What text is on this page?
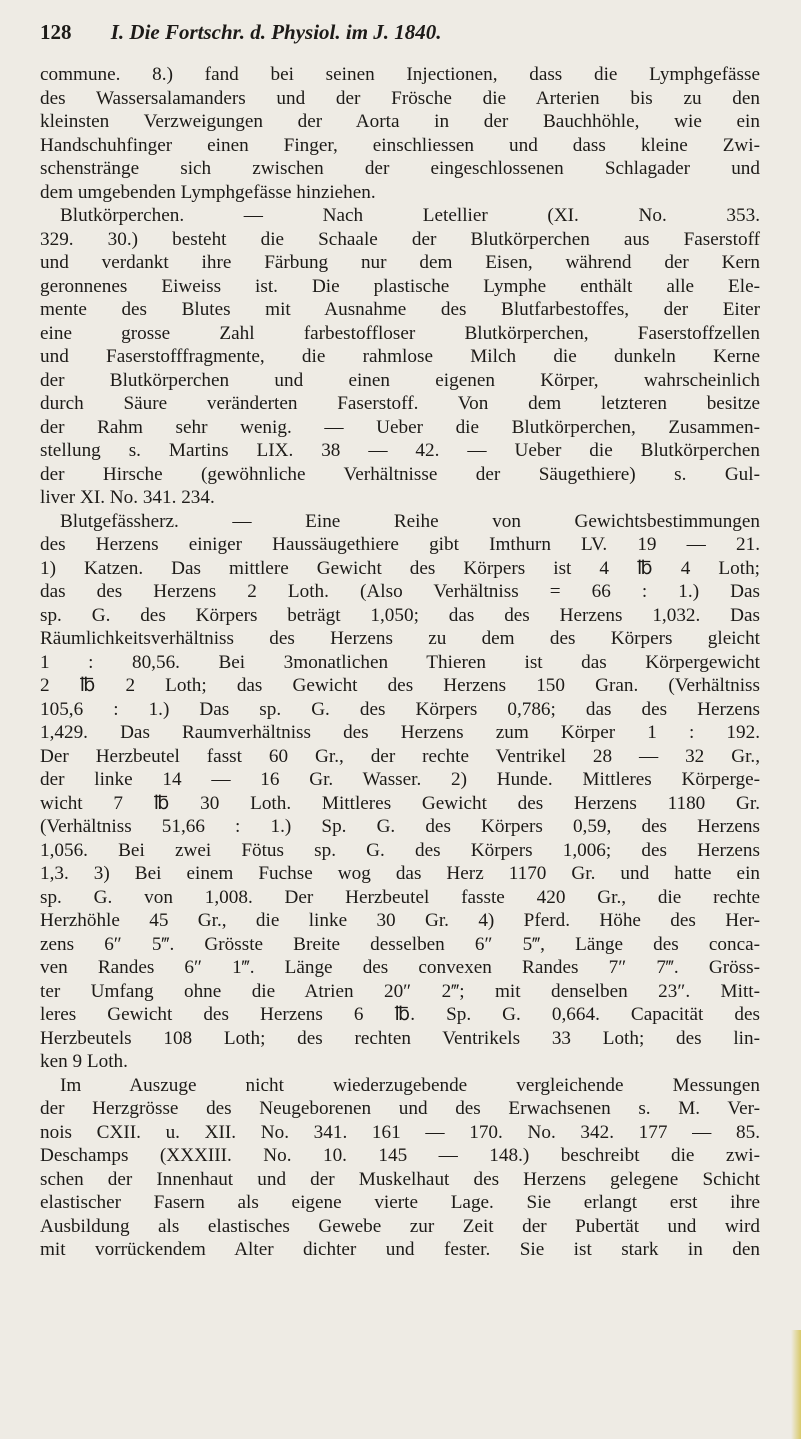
128 I. Die Fortschr. d. Physiol. im J. 1840.
commune. 8.) fand bei seinen Injectionen, dass die Lymphgefässe
des Wassersalamanders und der Frösche die Arterien bis zu den
kleinsten Verzweigungen der Aorta in der Bauchhöhle, wie ein
Handschuhfinger einen Finger, einschliessen und dass kleine Zwi-
schenstränge sich zwischen der eingeschlossenen Schlagader und
dem umgebenden Lymphgefässe hinziehen.
Blutkörperchen. — Nach Letellier (XI. No. 353.
329. 30.) besteht die Schaale der Blutkörperchen aus Faserstoff
und verdankt ihre Färbung nur dem Eisen, während der Kern
geronnenes Eiweiss ist. Die plastische Lymphe enthält alle Ele-
mente des Blutes mit Ausnahme des Blutfarbestoffes, der Eiter
eine grosse Zahl farbestoffloser Blutkörperchen, Faserstoffzellen
und Faserstofffragmente, die rahmlose Milch die dunkeln Kerne
der Blutkörperchen und einen eigenen Körper, wahrscheinlich
durch Säure veränderten Faserstoff. Von dem letzteren besitze
der Rahm sehr wenig. — Ueber die Blutkörperchen, Zusammen-
stellung s. Martins LIX. 38 — 42. — Ueber die Blutkörperchen
der Hirsche (gewöhnliche Verhältnisse der Säugethiere) s. Gul-
liver XI. No. 341. 234.
Blutgefässherz. — Eine Reihe von Gewichtsbestimmungen
des Herzens einiger Haussäugethiere gibt Imthurn LV. 19 — 21.
1) Katzen. Das mittlere Gewicht des Körpers ist 4 ℔ 4 Loth;
das des Herzens 2 Loth. (Also Verhältniss = 66 : 1.) Das
sp. G. des Körpers beträgt 1,050; das des Herzens 1,032. Das
Räumlichkeitsverhältniss des Herzens zu dem des Körpers gleicht
1 : 80,56. Bei 3monatlichen Thieren ist das Körpergewicht
2 ℔ 2 Loth; das Gewicht des Herzens 150 Gran. (Verhältniss
105,6 : 1.) Das sp. G. des Körpers 0,786; das des Herzens
1,429. Das Raumverhältniss des Herzens zum Körper 1 : 192.
Der Herzbeutel fasst 60 Gr., der rechte Ventrikel 28 — 32 Gr.,
der linke 14 — 16 Gr. Wasser. 2) Hunde. Mittleres Körperge-
wicht 7 ℔ 30 Loth. Mittleres Gewicht des Herzens 1180 Gr.
(Verhältniss 51,66 : 1.) Sp. G. des Körpers 0,59, des Herzens
1,056. Bei zwei Fötus sp. G. des Körpers 1,006; des Herzens
1,3. 3) Bei einem Fuchse wog das Herz 1170 Gr. und hatte ein
sp. G. von 1,008. Der Herzbeutel fasste 420 Gr., die rechte
Herzhöhle 45 Gr., die linke 30 Gr. 4) Pferd. Höhe des Her-
zens 6″ 5‴. Grösste Breite desselben 6″ 5‴, Länge des conca-
ven Randes 6″ 1‴. Länge des convexen Randes 7″ 7‴. Gröss-
ter Umfang ohne die Atrien 20″ 2‴; mit denselben 23″. Mitt-
leres Gewicht des Herzens 6 ℔. Sp. G. 0,664. Capacität des
Herzbeutels 108 Loth; des rechten Ventrikels 33 Loth; des lin-
ken 9 Loth.
Im Auszuge nicht wiederzugebende vergleichende Messungen
der Herzgrösse des Neugeborenen und des Erwachsenen s. M. Ver-
nois CXII. u. XII. No. 341. 161 — 170. No. 342. 177 — 85.
Deschamps (XXXIII. No. 10. 145 — 148.) beschreibt die zwi-
schen der Innenhaut und der Muskelhaut des Herzens gelegene Schicht
elastischer Fasern als eigene vierte Lage. Sie erlangt erst ihre
Ausbildung als elastisches Gewebe zur Zeit der Pubertät und wird
mit vorrückendem Alter dichter und fester. Sie ist stark in den
